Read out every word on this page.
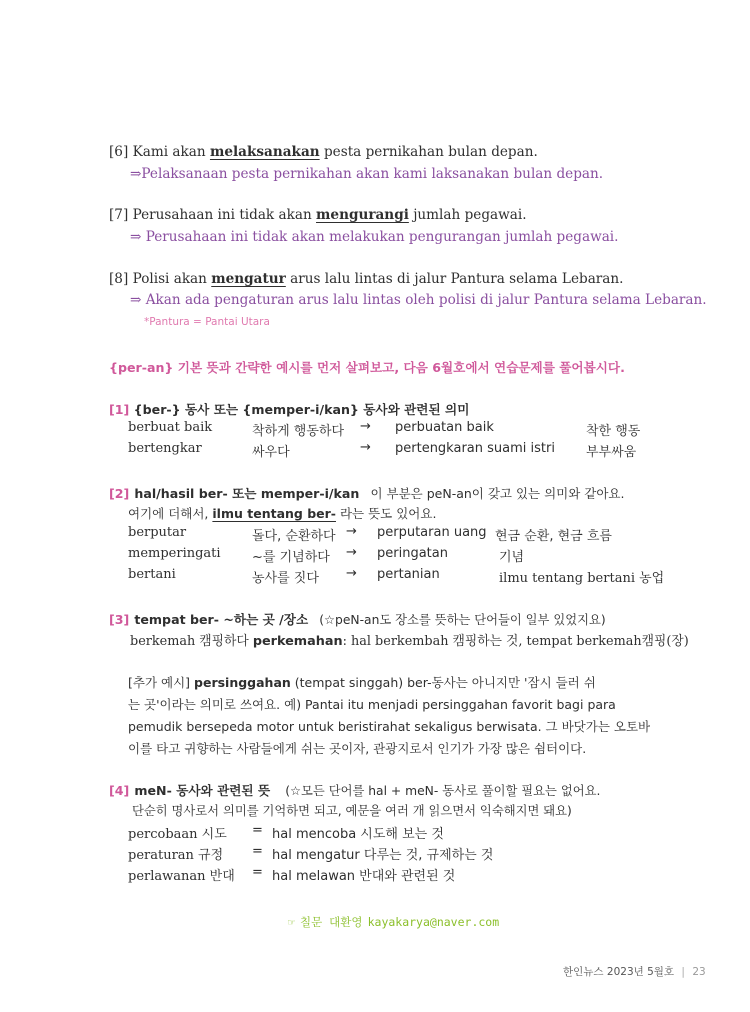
[6] Kami akan melaksanakan pesta pernikahan bulan depan.
⇒Pelaksanaan pesta pernikahan akan kami laksanakan bulan depan.
[7] Perusahaan ini tidak akan mengurangi jumlah pegawai.
⇒ Perusahaan ini tidak akan melakukan pengurangan jumlah pegawai.
[8] Polisi akan mengatur arus lalu lintas di jalur Pantura selama Lebaran.
⇒ Akan ada pengaturan arus lalu lintas oleh polisi di jalur Pantura selama Lebaran.
*Pantura = Pantai Utara
{per-an} 기본 뜻과 간략한 예시를 먼저 살펴보고, 다음 6월호에서 연습문제를 풀어봅시다.
[1] {ber-} 동사 또는 {memper-i/kan} 동사와 관련된 의미
berbuat baik	착하게 행동하다 → perbuatan baik	착한 행동
bertengkar	싸우다	→ pertengkaran suami istri 부부싸움
[2] hal/hasil ber- 또는 memper-i/kan 이 부분은 peN-an이 갖고 있는 의미와 같아요.
여기에 더해서, ilmu tentang ber- 라는 뜻도 있어요.
berputar	돌다, 순환하다 → perputaran uang 현금 순환, 현금 흐름
memperingati ~를 기념하다 → peringatan	기념
bertani	농사를 짓다 → pertanian	ilmu tentang bertani 농업
[3] tempat ber- ~하는 곳 /장소 (☆peN-an도 장소를 뜻하는 단어들이 일부 있었지요)
berkemah 캠핑하다 perkemahan: hal berkembah 캠핑하는 것, tempat berkemah캠핑(장)
[추가 예시] persinggahan (tempat singgah) ber-동사는 아니지만 '잠시 들러 쉬
는 곳'이라는 의미로 쓰여요. 예) Pantai itu menjadi persinggahan favorit bagi para
pemudik bersepeda motor untuk beristirahat sekaligus berwisata. 그 바닷가는 오토바
이를 타고 귀향하는 사람들에게 쉬는 곳이자, 관광지로서 인기가 가장 많은 쉼터이다.
[4] meN- 동사와 관련된 뜻 (☆모든 단어를 hal + meN- 동사로 풀이할 필요는 없어요.
단순히 명사로서 의미를 기억하면 되고, 예문을 여러 개 읽으면서 익숙해지면 돼요)
percobaan 시도 = hal mencoba 시도해 보는 것
peraturan 규정 = hal mengatur 다루는 것, 규제하는 것
perlawanan 반대 = hal melawan 반대와 관련된 것
☞ 칠문 대환영 kayakarya@naver.com
한인뉴스 2023년 5월호 | 23
